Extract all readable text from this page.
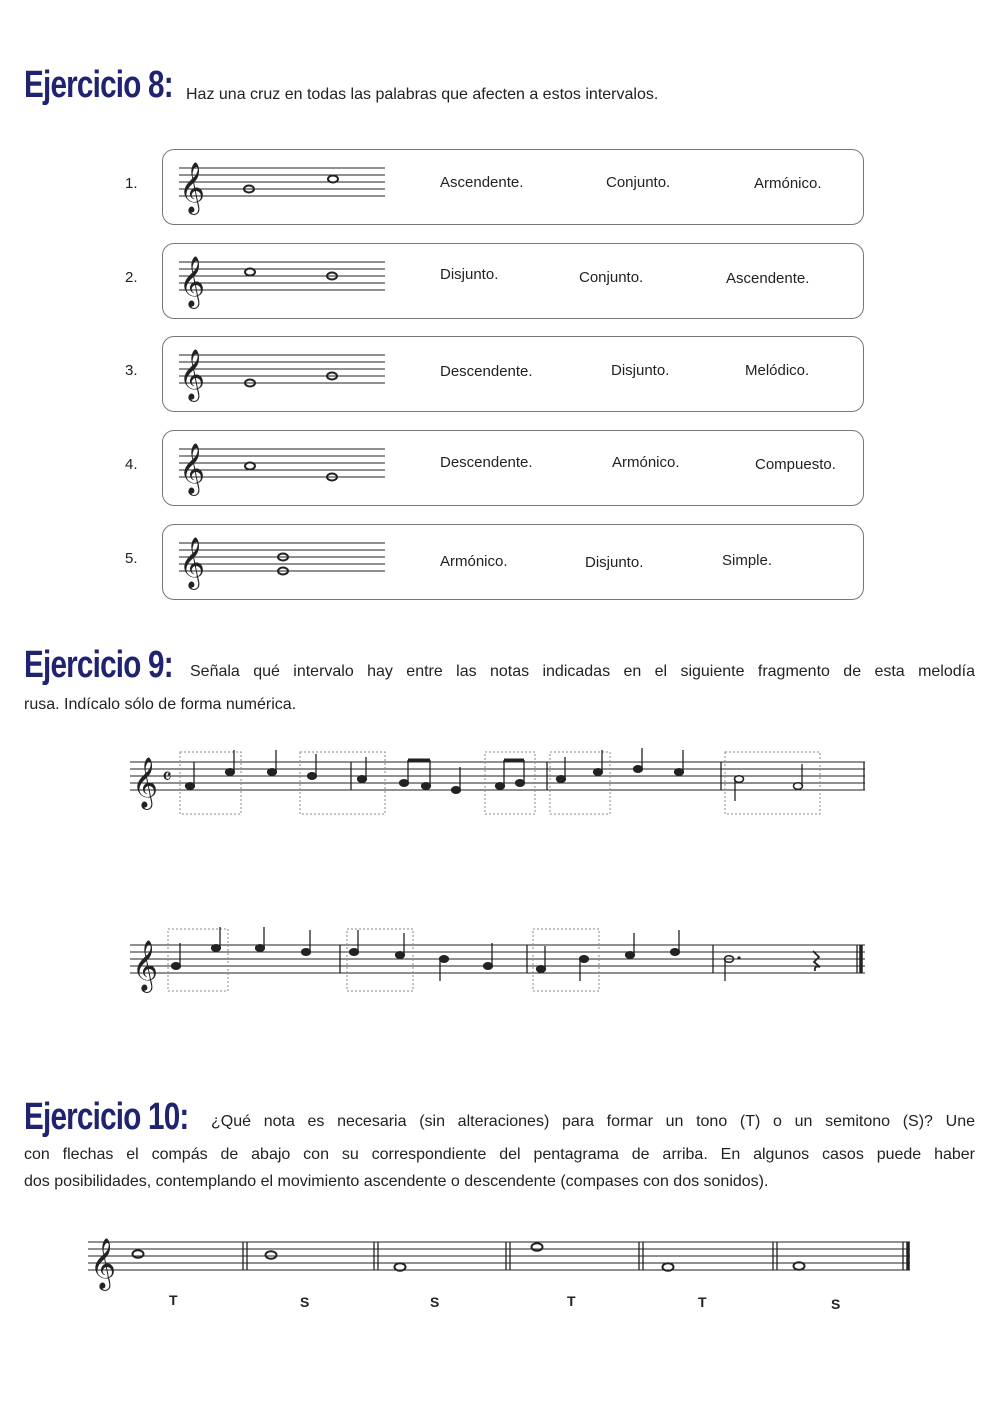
Ejercicio 8: Haz una cruz en todas las palabras que afecten a estos intervalos.
1. 𝄞	Ascendente.	Conjunto.	Armónico.
2. 𝄞	Disjunto.	Conjunto.	Ascendente.
3. 𝄞	Descendente.	Disjunto.	Melódico.
4. 𝄞	Descendente.	Armónico.	Compuesto.
5. 𝄞	Armónico.	Disjunto.	Simple.
Ejercicio 9: Señala qué intervalo hay entre las notas indicadas en el siguiente fragmento de esta melodía
rusa. Indícalo sólo de forma numérica.
𝄞 𝄴
𝄞
Ejercicio 10: ¿Qué nota es necesaria (sin alteraciones) para formar un tono (T) o un semitono (S)? Une
con flechas el compás de abajo con su correspondiente del pentagrama de arriba. En algunos casos puede haber
dos posibilidades, contemplando el movimiento ascendente o descendente (compases con dos sonidos).
𝄞
T	S	S	T	T	S
